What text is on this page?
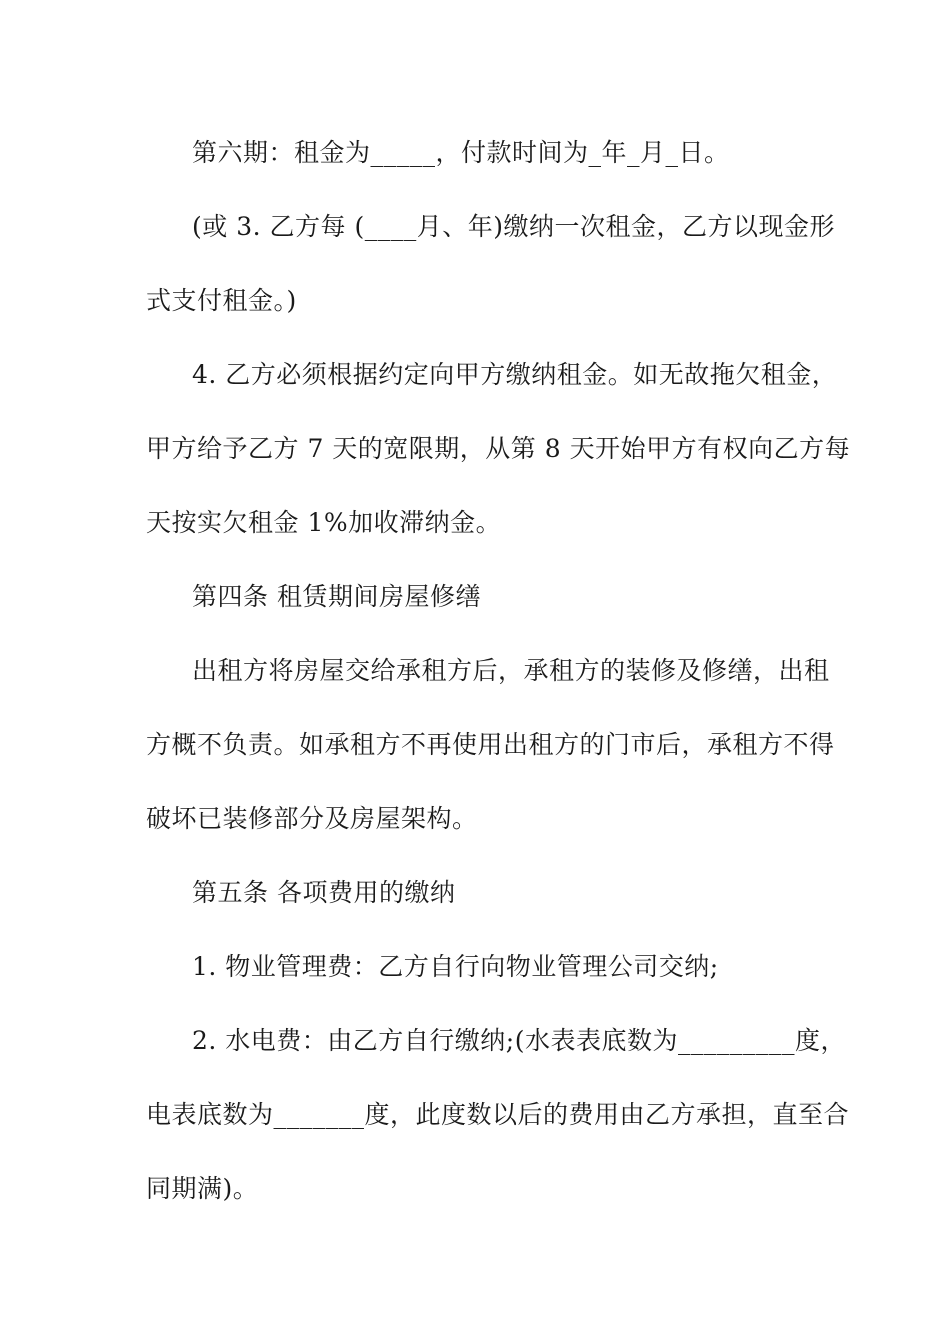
第六期：租金为_____，付款时间为_年_月_日。
(或 3. 乙方每 (____月、年)缴纳一次租金，乙方以现金形
式支付租金。)
4. 乙方必须根据约定向甲方缴纳租金。如无故拖欠租金，
甲方给予乙方 7 天的宽限期，从第 8 天开始甲方有权向乙方每
天按实欠租金 1%加收滞纳金。
第四条 租赁期间房屋修缮
出租方将房屋交给承租方后，承租方的装修及修缮，出租
方概不负责。如承租方不再使用出租方的门市后，承租方不得
破坏已装修部分及房屋架构。
第五条 各项费用的缴纳
1. 物业管理费：乙方自行向物业管理公司交纳;
2. 水电费：由乙方自行缴纳;(水表表底数为_________度，
电表底数为_______度，此度数以后的费用由乙方承担，直至合
同期满)。
